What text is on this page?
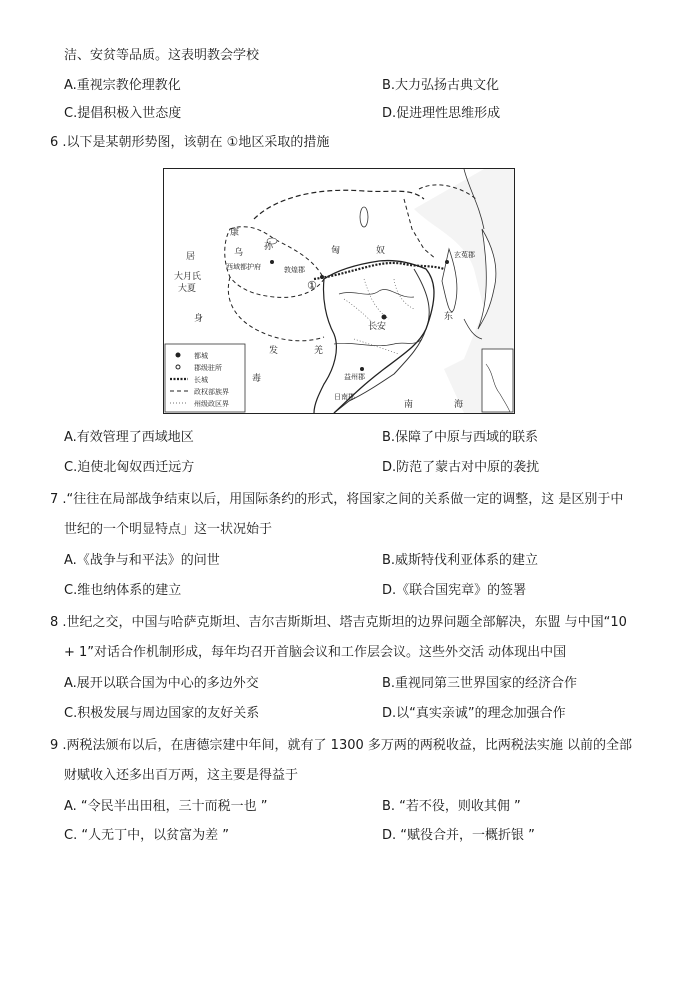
洁、安贫等品质。这表明教会学校
A.重视宗教伦理教化	B.大力弘扬古典文化
C.提倡积极入世态度	D.促进理性思维形成
6 .以下是某朝形势图，该朝在 ①地区采取的措施
康
居	乌
孙
西域都护府
大月氏
大夏
身
敦煌郡
匈	奴	玄菟郡
长安
发	羌
毒	益州郡
日南郡
南	海
东
①
都城
郡级驻所
长城
政权部族界
州级政区界
A.有效管理了西域地区	B.保障了中原与西域的联系
C.迫使北匈奴西迁远方	D.防范了蒙古对中原的袭扰
7 .“往往在局部战争结束以后，用国际条约的形式，将国家之间的关系做一定的调整，这 是区别于中
世纪的一个明显特点」这一状况始于
A.《战争与和平法》的问世	B.威斯特伐利亚体系的建立
C.维也纳体系的建立	D.《联合国宪章》的签署
8 .世纪之交，中国与哈萨克斯坦、吉尔吉斯斯坦、塔吉克斯坦的边界问题全部解决，东盟 与中国“10
+ 1”对话合作机制形成，每年均召开首脑会议和工作层会议。这些外交活 动体现出中国
A.展开以联合国为中心的多边外交	B.重视同第三世界国家的经济合作
C.积极发展与周边国家的友好关系	D.以“真实亲诚”的理念加强合作
9 .两税法颁布以后，在唐德宗建中年间，就有了 1300 多万两的两税收益，比两税法实施 以前的全部
财赋收入还多出百万两，这主要是得益于
A. “令民半出田租，三十而税一也 ”	B. “若不役，则收其佣 ”
C. “人无丁中，以贫富为差 ”	D. “赋役合并，一概折银 ”
